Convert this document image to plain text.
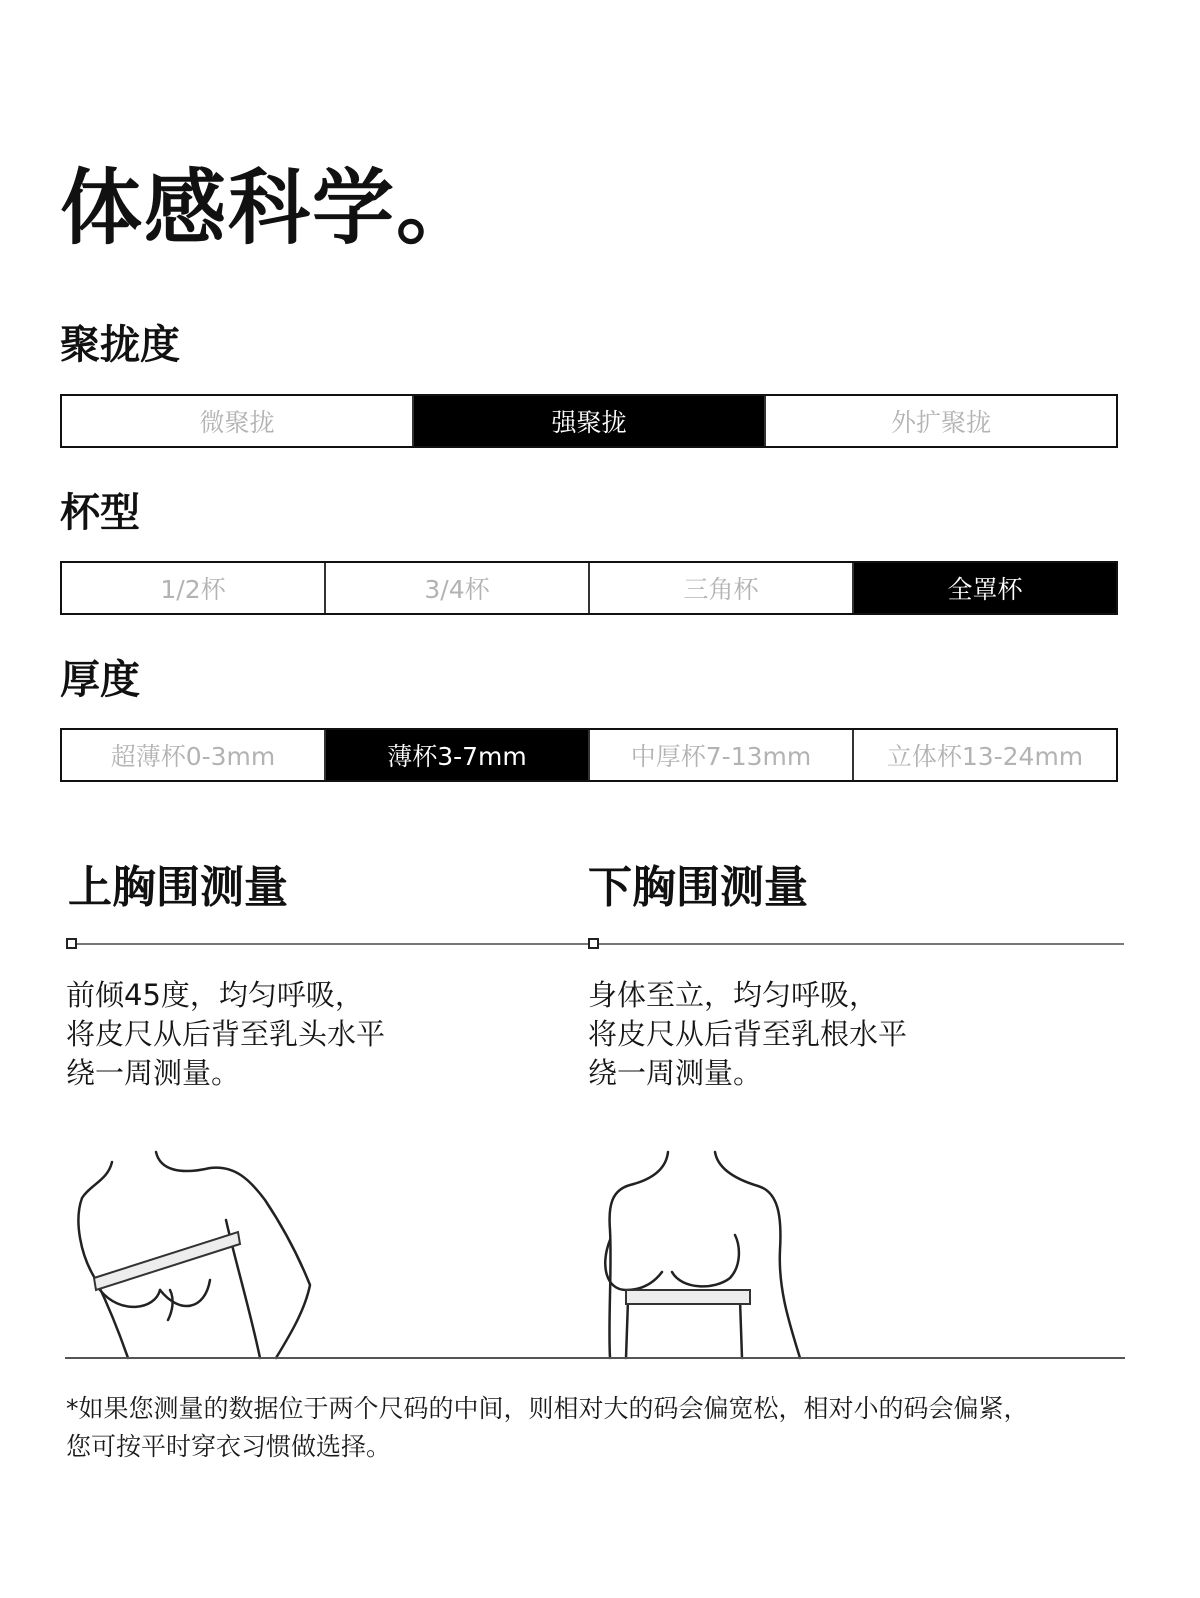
体感科学。
聚拢度
微聚拢	强聚拢	外扩聚拢
杯型
1/2杯	3/4杯	三角杯	全罩杯
厚度
超薄杯0-3mm	薄杯3-7mm	中厚杯7-13mm	立体杯13-24mm
上胸围测量	下胸围测量
前倾45度，均匀呼吸，
将皮尺从后背至乳头水平
绕一周测量。
身体至立，均匀呼吸，
将皮尺从后背至乳根水平
绕一周测量。
*如果您测量的数据位于两个尺码的中间，则相对大的码会偏宽松，相对小的码会偏紧，
您可按平时穿衣习惯做选择。
